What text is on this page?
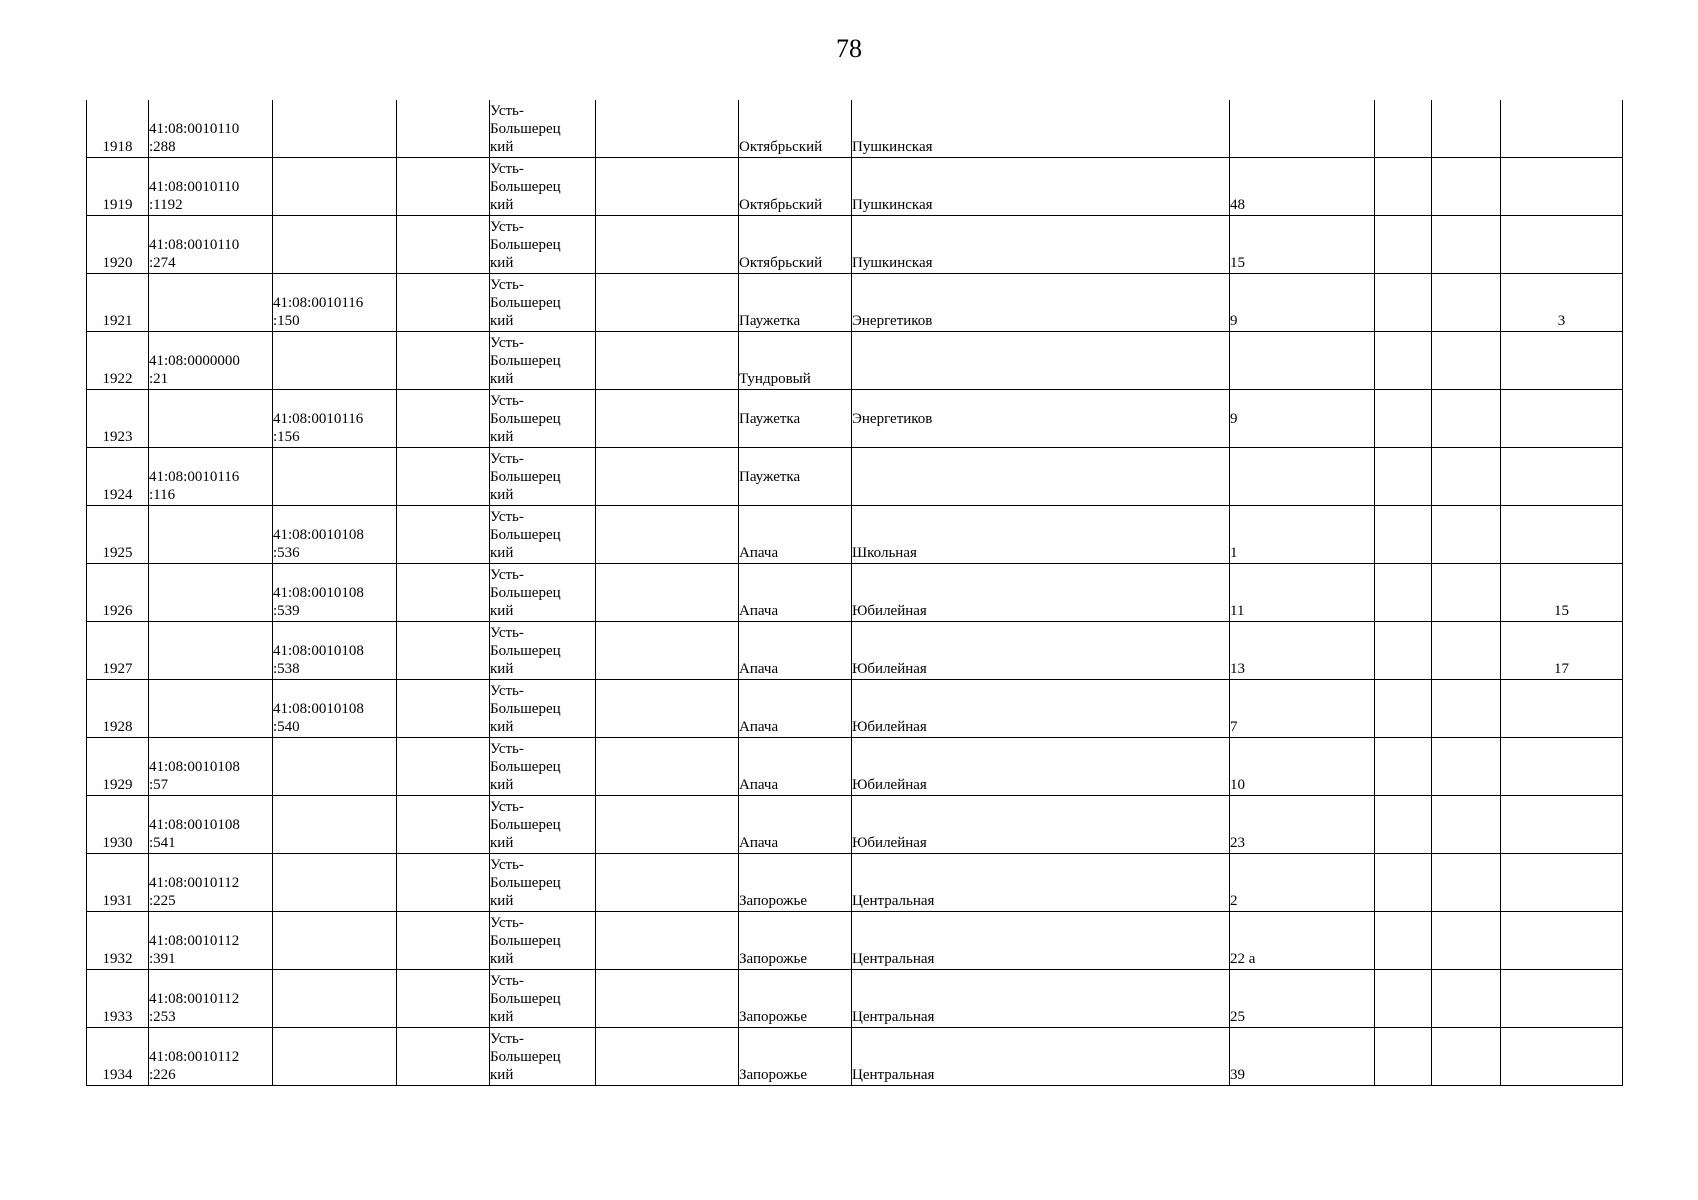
78
1918	41:08:0010110
:288			Усть-
Большерец
кий		Октябрьский	Пушкинская				
1919	41:08:0010110
:1192			Усть-
Большерец
кий		Октябрьский	Пушкинская	48			
1920	41:08:0010110
:274			Усть-
Большерец
кий		Октябрьский	Пушкинская	15			
1921		41:08:0010116
:150		Усть-
Большерец
кий		Паужетка	Энергетиков	9			3
1922	41:08:0000000
:21			Усть-
Большерец
кий		Тундровый					
1923		41:08:0010116
:156		Усть-
Большерец
кий		Паужетка	Энергетиков	9			
1924	41:08:0010116
:116			Усть-
Большерец
кий		Паужетка					
1925		41:08:0010108
:536		Усть-
Большерец
кий		Апача	Школьная	1			
1926		41:08:0010108
:539		Усть-
Большерец
кий		Апача	Юбилейная	11			15
1927		41:08:0010108
:538		Усть-
Большерец
кий		Апача	Юбилейная	13			17
1928		41:08:0010108
:540		Усть-
Большерец
кий		Апача	Юбилейная	7			
1929	41:08:0010108
:57			Усть-
Большерец
кий		Апача	Юбилейная	10			
1930	41:08:0010108
:541			Усть-
Большерец
кий		Апача	Юбилейная	23			
1931	41:08:0010112
:225			Усть-
Большерец
кий		Запорожье	Центральная	2			
1932	41:08:0010112
:391			Усть-
Большерец
кий		Запорожье	Центральная	22 а			
1933	41:08:0010112
:253			Усть-
Большерец
кий		Запорожье	Центральная	25			
1934	41:08:0010112
:226			Усть-
Большерец
кий		Запорожье	Центральная	39			
